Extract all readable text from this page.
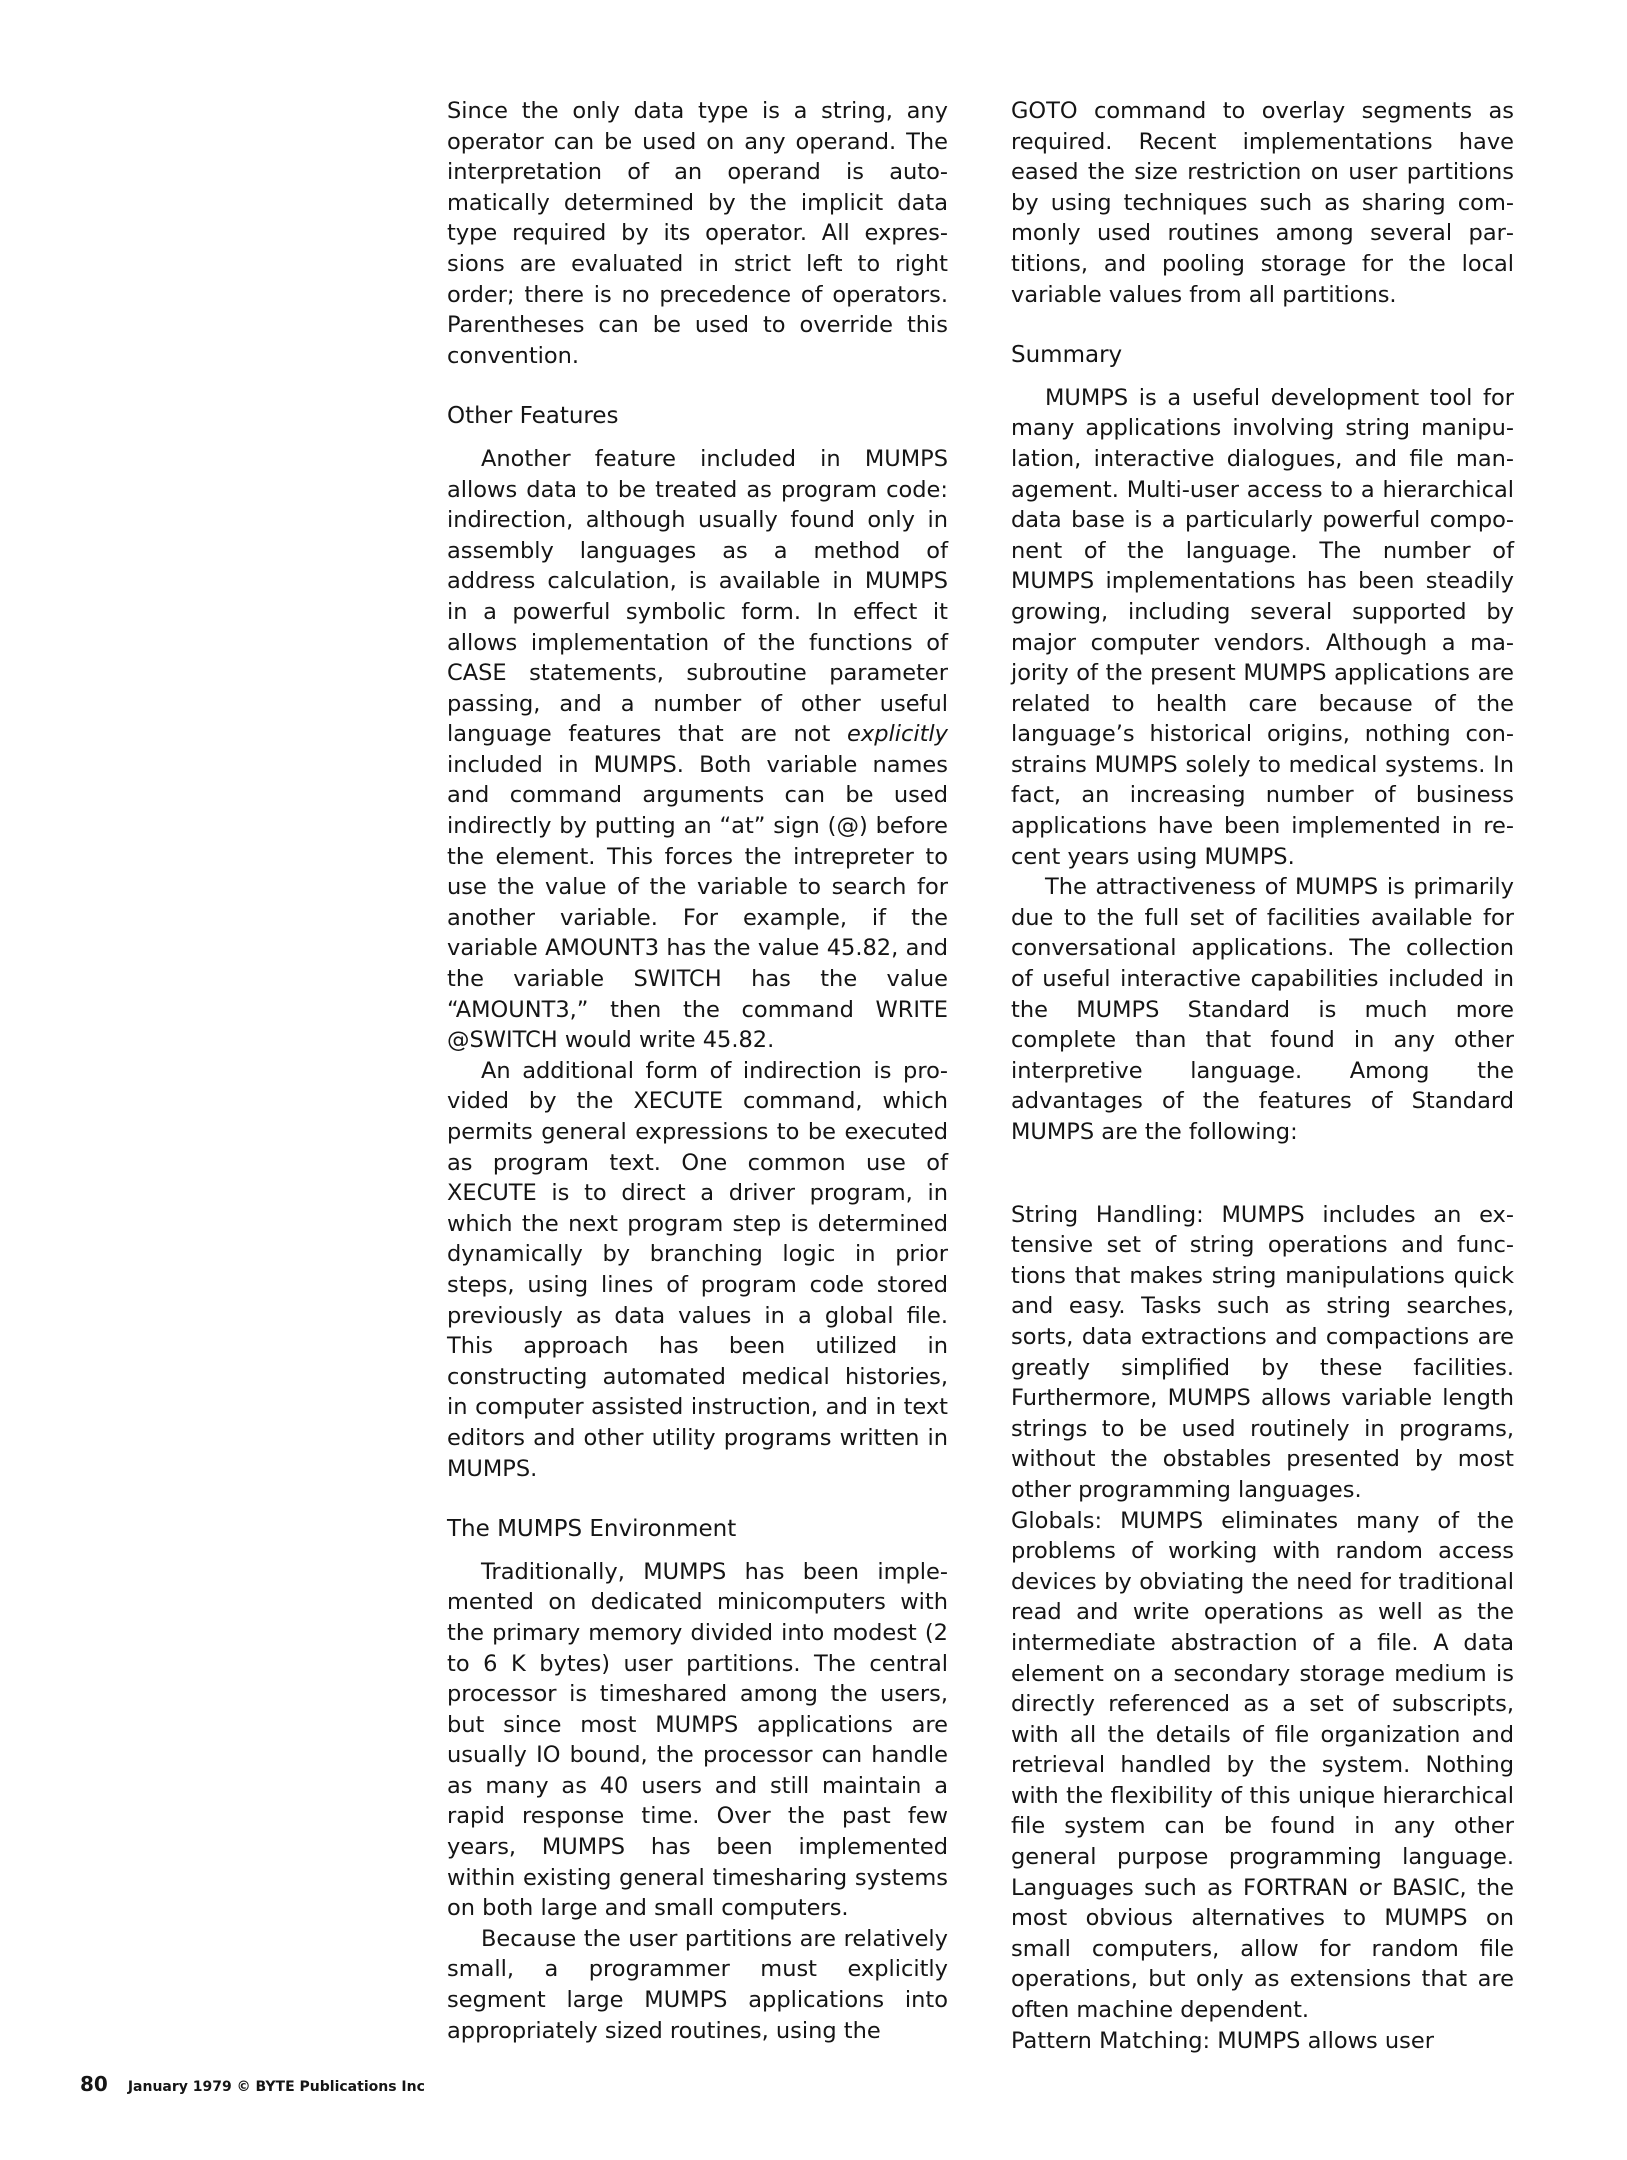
Since the only data type is a string, any operator can be used on any operand. The interpretation of an operand is automatically determined by the implicit data type required by its operator. All expressions are evaluated in strict left to right order; there is no precedence of operators. Parentheses can be used to override this convention.

Other Features

Another feature included in MUMPS allows data to be treated as program code: indirection, although usually found only in assembly languages as a method of address calculation, is available in MUMPS in a powerful symbolic form. In effect it allows implementation of the functions of CASE statements, subroutine parameter passing, and a number of other useful language features that are not explicitly included in MUMPS. Both variable names and command arguments can be used indirectly by putting an “at” sign (@) before the element. This forces the intrepreter to use the value of the variable to search for another variable. For example, if the variable AMOUNT3 has the value 45.82, and the variable SWITCH has the value “AMOUNT3,” then the command WRITE @SWITCH would write 45.82.

An additional form of indirection is provided by the XECUTE command, which permits general expressions to be executed as program text. One common use of XECUTE is to direct a driver program, in which the next program step is determined dynamically by branching logic in prior steps, using lines of program code stored previously as data values in a global file. This approach has been utilized in constructing automated medical histories, in computer assisted instruction, and in text editors and other utility programs written in MUMPS.

The MUMPS Environment

Traditionally, MUMPS has been implemented on dedicated minicomputers with the primary memory divided into modest (2 to 6 K bytes) user partitions. The central processor is timeshared among the users, but since most MUMPS applications are usually IO bound, the processor can handle as many as 40 users and still maintain a rapid response time. Over the past few years, MUMPS has been implemented within existing general timesharing systems on both large and small computers.

Because the user partitions are relatively small, a programmer must explicitly segment large MUMPS applications into appropriately sized routines, using the

GOTO command to overlay segments as required. Recent implementations have eased the size restriction on user partitions by using techniques such as sharing commonly used routines among several partitions, and pooling storage for the local variable values from all partitions.

Summary

MUMPS is a useful development tool for many applications involving string manipulation, interactive dialogues, and file management. Multi-user access to a hierarchical data base is a particularly powerful component of the language. The number of MUMPS implementations has been steadily growing, including several supported by major computer vendors. Although a majority of the present MUMPS applications are related to health care because of the language’s historical origins, nothing constrains MUMPS solely to medical systems. In fact, an increasing number of business applications have been implemented in recent years using MUMPS.

The attractiveness of MUMPS is primarily due to the full set of facilities available for conversational applications. The collection of useful interactive capabilities included in the MUMPS Standard is much more complete than that found in any other interpretive language. Among the advantages of the features of Standard MUMPS are the following:

String Handling: MUMPS includes an extensive set of string operations and functions that makes string manipulations quick and easy. Tasks such as string searches, sorts, data extractions and compactions are greatly simplified by these facilities. Furthermore, MUMPS allows variable length strings to be used routinely in programs, without the obstables presented by most other programming languages.

Globals: MUMPS eliminates many of the problems of working with random access devices by obviating the need for traditional read and write operations as well as the intermediate abstraction of a file. A data element on a secondary storage medium is directly referenced as a set of subscripts, with all the details of file organization and retrieval handled by the system. Nothing with the flexibility of this unique hierarchical file system can be found in any other general purpose programming language. Languages such as FORTRAN or BASIC, the most obvious alternatives to MUMPS on small computers, allow for random file operations, but only as extensions that are often machine dependent.

Pattern Matching: MUMPS allows user

80 January 1979 © BYTE Publications Inc
